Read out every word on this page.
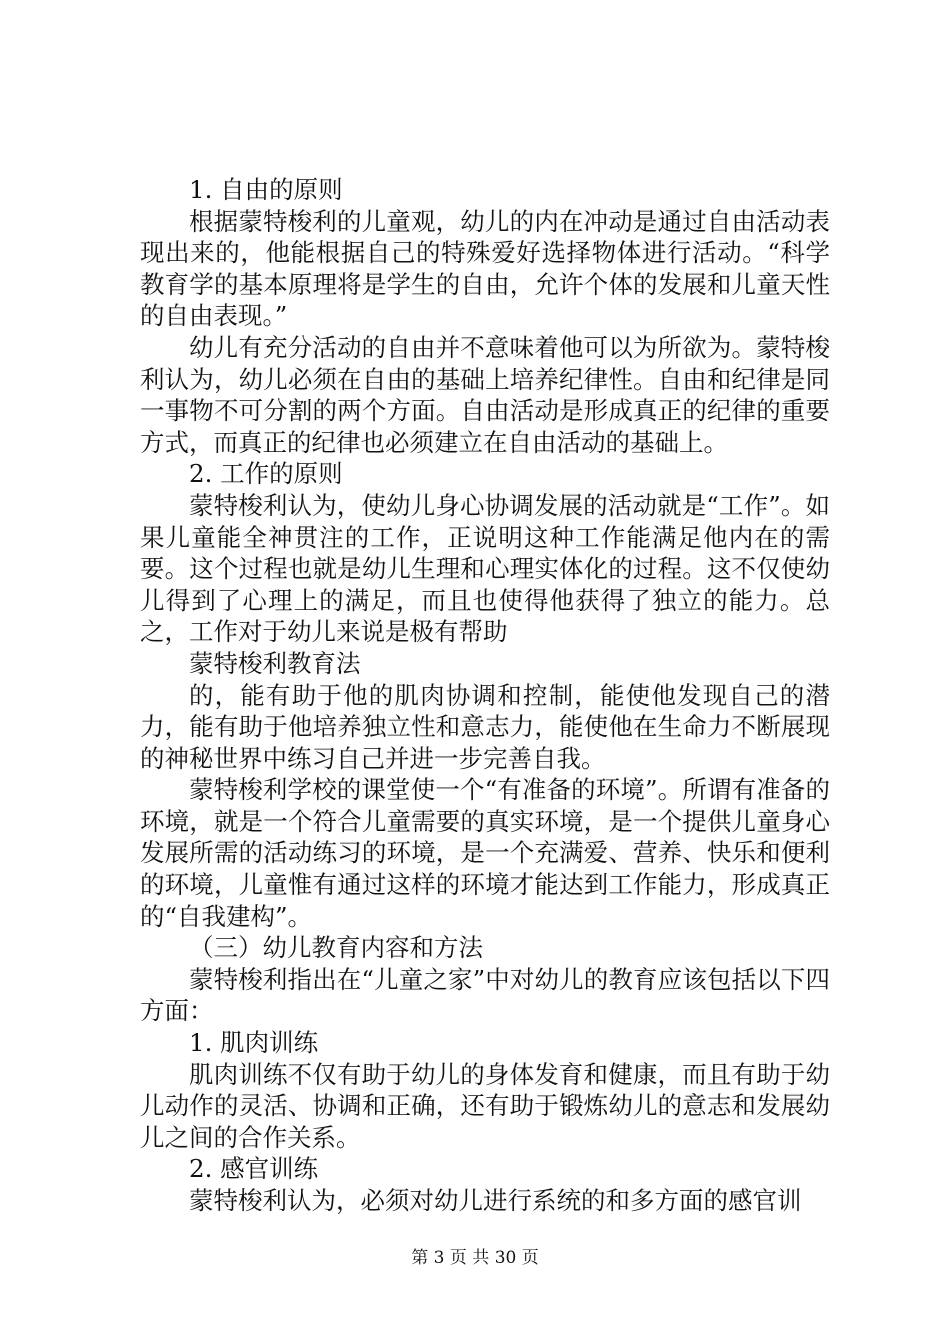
1. 自由的原则

根据蒙特梭利的儿童观，幼儿的内在冲动是通过自由活动表现出来的，他能根据自己的特殊爱好选择物体进行活动。“科学教育学的基本原理将是学生的自由，允许个体的发展和儿童天性的自由表现。”

幼儿有充分活动的自由并不意味着他可以为所欲为。蒙特梭利认为，幼儿必须在自由的基础上培养纪律性。自由和纪律是同一事物不可分割的两个方面。自由活动是形成真正的纪律的重要方式，而真正的纪律也必须建立在自由活动的基础上。

2. 工作的原则

蒙特梭利认为，使幼儿身心协调发展的活动就是“工作”。如果儿童能全神贯注的工作，正说明这种工作能满足他内在的需要。这个过程也就是幼儿生理和心理实体化的过程。这不仅使幼儿得到了心理上的满足，而且也使得他获得了独立的能力。总之，工作对于幼儿来说是极有帮助

蒙特梭利教育法

的，能有助于他的肌肉协调和控制，能使他发现自己的潜力，能有助于他培养独立性和意志力，能使他在生命力不断展现的神秘世界中练习自己并进一步完善自我。

蒙特梭利学校的课堂使一个“有准备的环境”。所谓有准备的环境，就是一个符合儿童需要的真实环境，是一个提供儿童身心发展所需的活动练习的环境，是一个充满爱、营养、快乐和便利的环境，儿童惟有通过这样的环境才能达到工作能力，形成真正的“自我建构”。

（三）幼儿教育内容和方法

蒙特梭利指出在“儿童之家”中对幼儿的教育应该包括以下四方面：

1. 肌肉训练

肌肉训练不仅有助于幼儿的身体发育和健康，而且有助于幼儿动作的灵活、协调和正确，还有助于锻炼幼儿的意志和发展幼儿之间的合作关系。

2. 感官训练

蒙特梭利认为，必须对幼儿进行系统的和多方面的感官训

第 3 页 共 30 页
